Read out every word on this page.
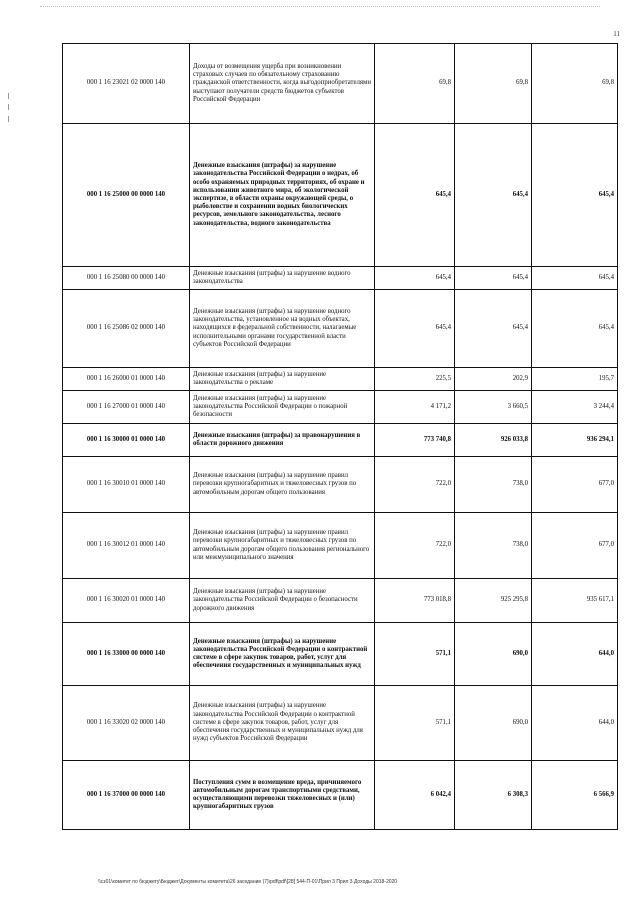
11
000 1 16 23021 02 0000 140	Доходы от возмещения ущерба при возникновении страховых случаев по обязательному страхованию гражданской ответственности, когда выгодоприобретателями выступают получатели средств бюджетов субъектов Российской Федерации	69,8	69,8	69,8
000 1 16 25000 00 0000 140	Денежные взыскания (штрафы) за нарушение законодательства Российской Федерации о недрах, об особо охраняемых природных территориях, об охране и использовании животного мира, об экологической экспертизе, в области охраны окружающей среды, о рыболовстве и сохранении водных биологических ресурсов, земельного законодательства, лесного законодательства, водного законодательства	645,4	645,4	645,4
000 1 16 25080 00 0000 140	Денежные взыскания (штрафы) за нарушение водного законодательства	645,4	645,4	645,4
000 1 16 25086 02 0000 140	Денежные взыскания (штрафы) за нарушение водного законодательства, установленное на водных объектах, находящихся в федеральной собственности, налагаемые исполнительными органами государственной власти субъектов Российской Федерации	645,4	645,4	645,4
000 1 16 26000 01 0000 140	Денежные взыскания (штрафы) за нарушение законодательства о рекламе	225,5	202,9	195,7
000 1 16 27000 01 0000 140	Денежные взыскания (штрафы) за нарушение законодательства Российской Федерации о пожарной безопасности	4 171,2	3 660,5	3 244,4
000 1 16 30000 01 0000 140	Денежные взыскания (штрафы) за правонарушения в области дорожного движения	773 740,8	926 033,8	936 294,1
000 1 16 30010 01 0000 140	Денежные взыскания (штрафы) за нарушение правил перевозки крупногабаритных и тяжеловесных грузов по автомобильным дорогам общего пользования	722,0	738,0	677,0
000 1 16 30012 01 0000 140	Денежные взыскания (штрафы) за нарушение правил перевозки крупногабаритных и тяжеловесных грузов по автомобильным дорогам общего пользования регионального или межмуниципального значения	722,0	738,0	677,0
000 1 16 30020 01 0000 140	Денежные взыскания (штрафы) за нарушение законодательства Российской Федерации о безопасности дорожного движения	773 018,8	925 295,8	935 617,1
000 1 16 33000 00 0000 140	Денежные взыскания (штрафы) за нарушение законодательства Российской Федерации о контрактной системе в сфере закупок товаров, работ, услуг для обеспечения государственных и муниципальных нужд	571,1	690,0	644,0
000 1 16 33020 02 0000 140	Денежные взыскания (штрафы) за нарушение законодательства Российской Федерации о контрактной системе в сфере закупок товаров, работ, услуг для обеспечения государственных и муниципальных нужд для нужд субъектов Российской Федерации	571,1	690,0	644,0
000 1 16 37000 00 0000 140	Поступления сумм в возмещение вреда, причиняемого автомобильным дорогам транспортными средствами, осуществляющими перевозки тяжеловесных и (или) крупногабаритных грузов	6 042,4	6 308,3	6 566,9
\\сз01\комитет по бюджету\Бюджет\Документы комитета\26 заседание (7)\pdf\pdf\[28] 544-П-01\Прил 3 Прил 3 Доходы 2018-2020
